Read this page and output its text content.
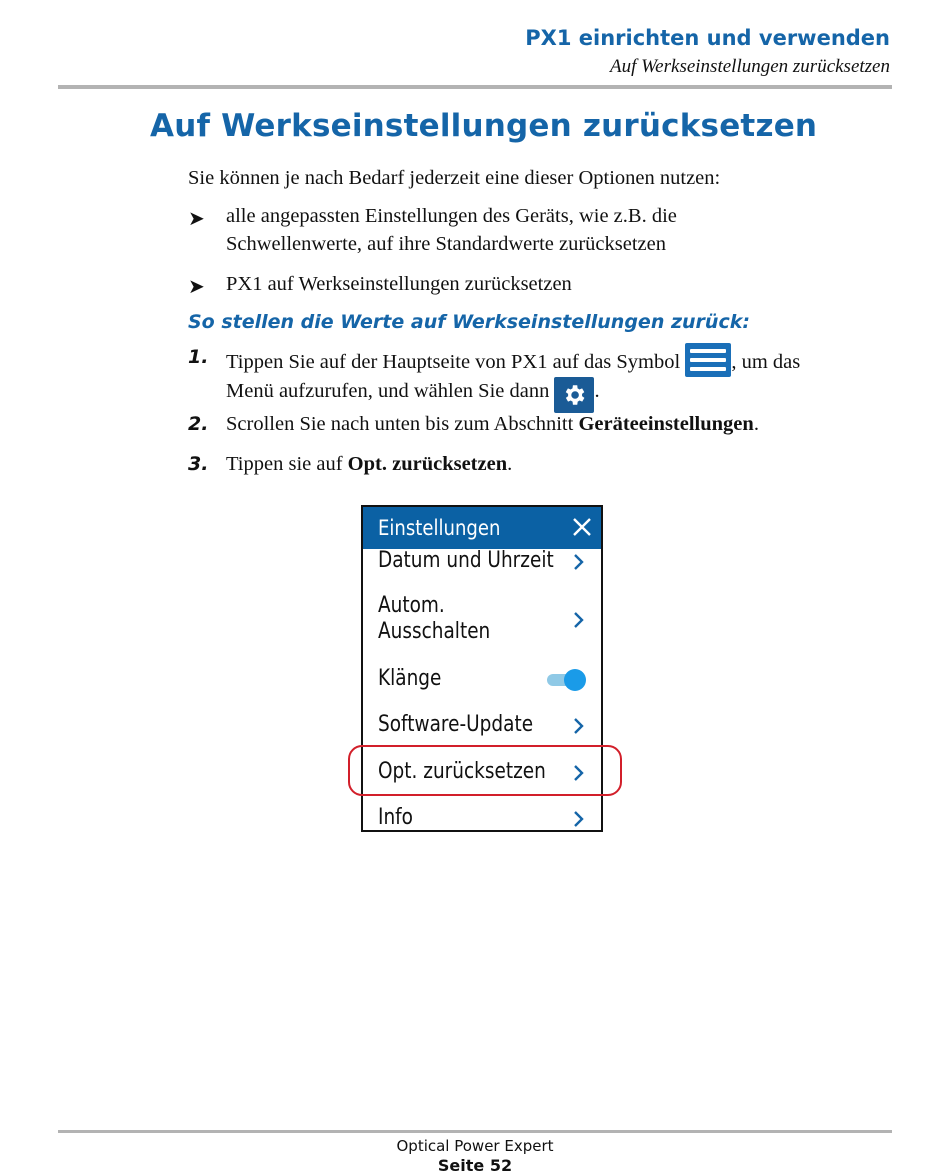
PX1 einrichten und verwenden
Auf Werkseinstellungen zurücksetzen
Auf Werkseinstellungen zurücksetzen
Sie können je nach Bedarf jederzeit eine dieser Optionen nutzen:
➤ alle angepassten Einstellungen des Geräts, wie z.B. die
Schwellenwerte, auf ihre Standardwerte zurücksetzen
➤ PX1 auf Werkseinstellungen zurücksetzen
So stellen die Werte auf Werkseinstellungen zurück:
1. Tippen Sie auf der Hauptseite von PX1 auf das Symbol
, um das
Menü aufzurufen, und wählen Sie dann .
2. Scrollen Sie nach unten bis zum Abschnitt Geräteeinstellungen.
3. Tippen sie auf Opt. zurücksetzen.
Einstellungen
Datum und Uhrzeit
Autom.
Ausschalten
Klänge
Software-Update
Opt. zurücksetzen
Info
Optical Power Expert
Seite 52
